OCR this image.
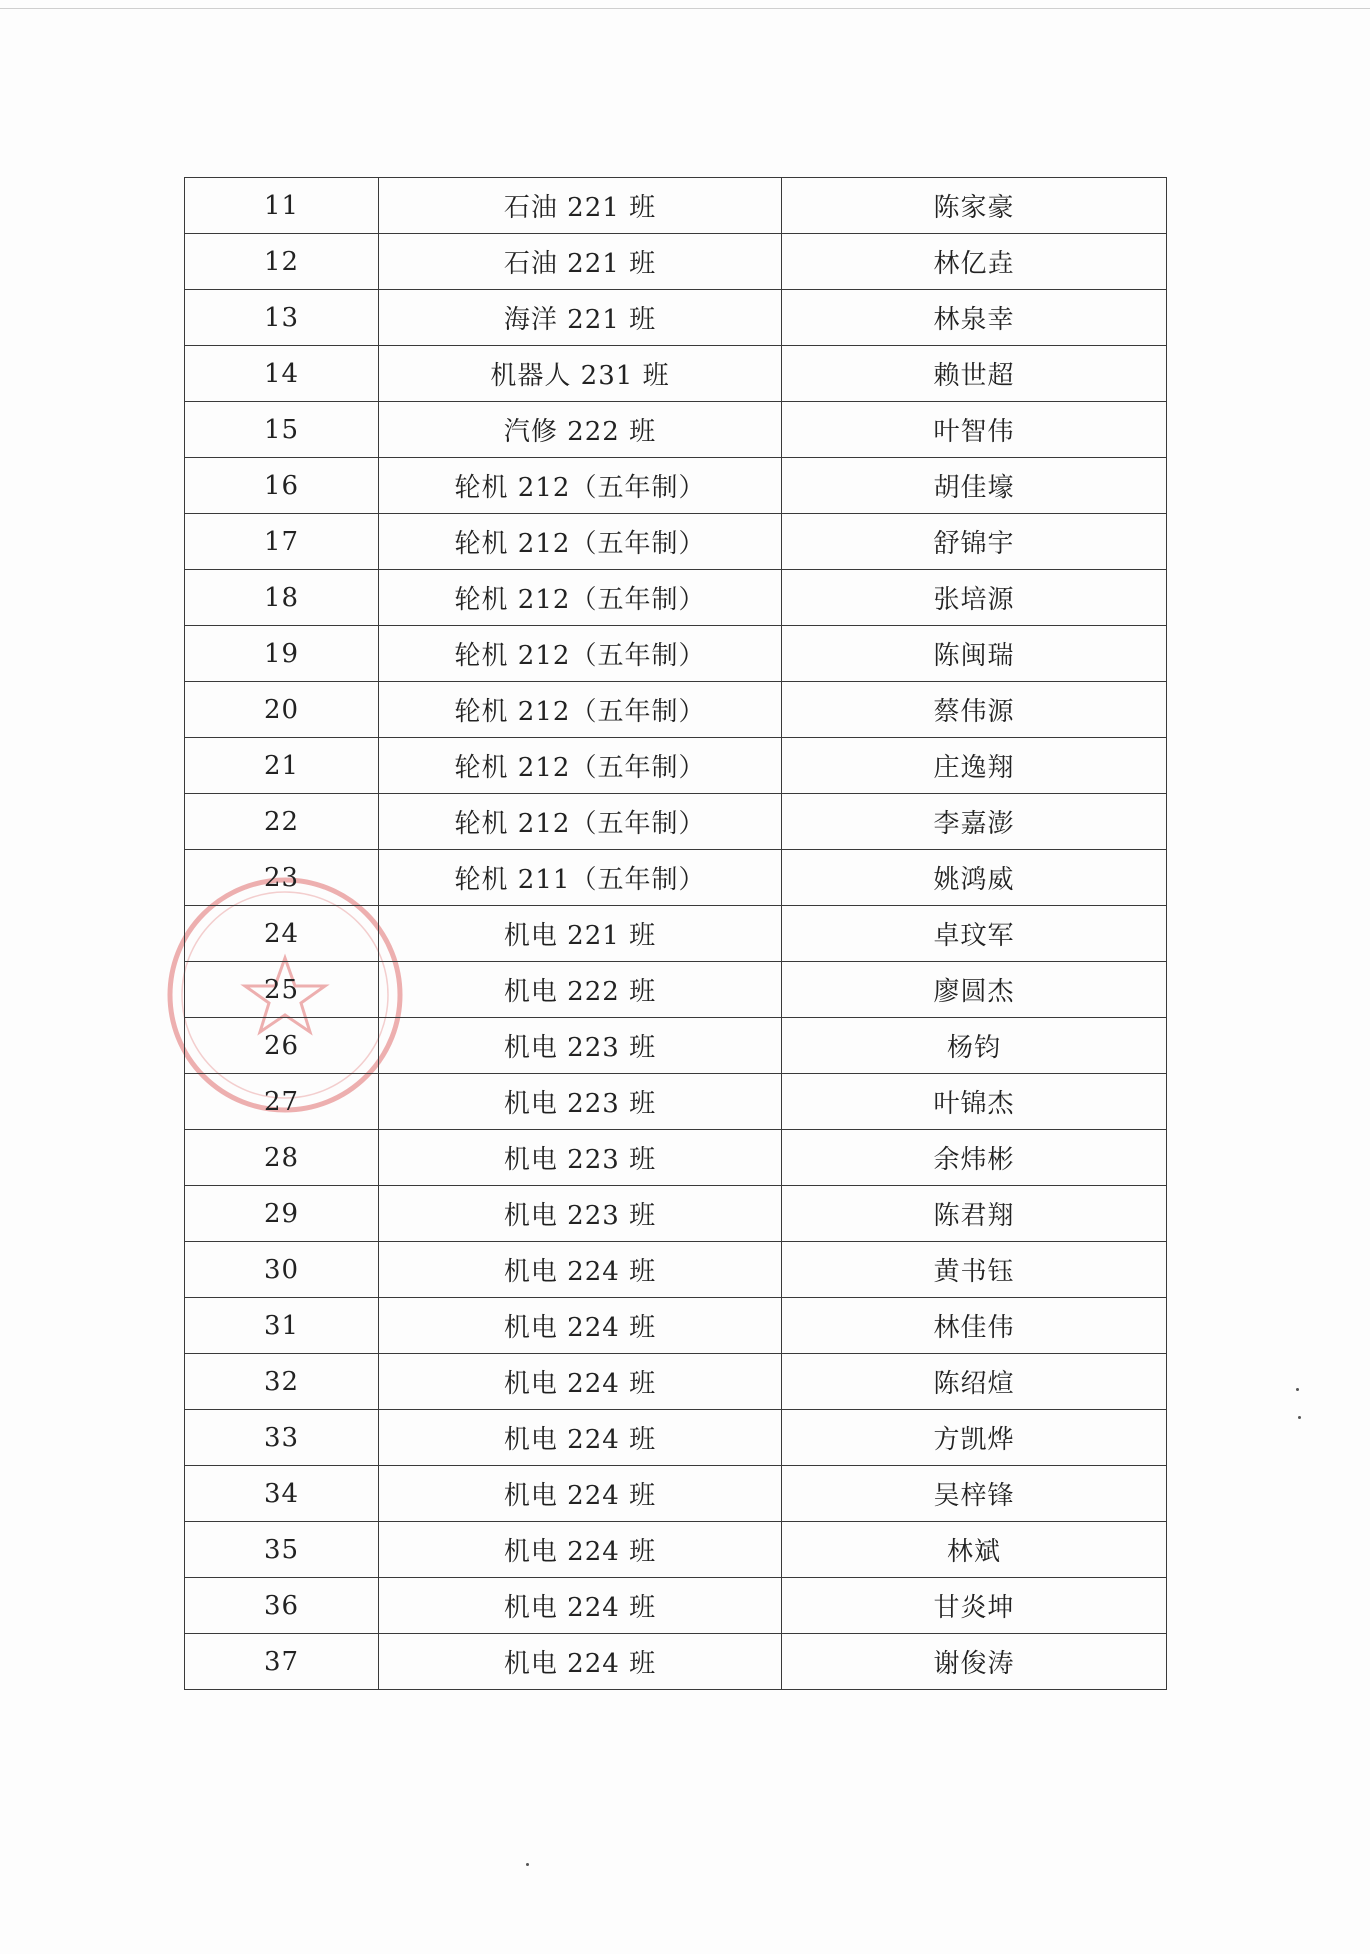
11	石油 221 班	陈家豪
12	石油 221 班	林亿垚
13	海洋 221 班	林泉幸
14	机器人 231 班	赖世超
15	汽修 222 班	叶智伟
16	轮机 212（五年制）	胡佳壕
17	轮机 212（五年制）	舒锦宇
18	轮机 212（五年制）	张培源
19	轮机 212（五年制）	陈闽瑞
20	轮机 212（五年制）	蔡伟源
21	轮机 212（五年制）	庄逸翔
22	轮机 212（五年制）	李嘉澎
23	轮机 211（五年制）	姚鸿威
24	机电 221 班	卓玟军
25	机电 222 班	廖圆杰
26	机电 223 班	杨钧
27	机电 223 班	叶锦杰
28	机电 223 班	余炜彬
29	机电 223 班	陈君翔
30	机电 224 班	黄书钰
31	机电 224 班	林佳伟
32	机电 224 班	陈绍煊
33	机电 224 班	方凯烨
34	机电 224 班	吴梓锋
35	机电 224 班	林斌
36	机电 224 班	甘炎坤
37	机电 224 班	谢俊涛
